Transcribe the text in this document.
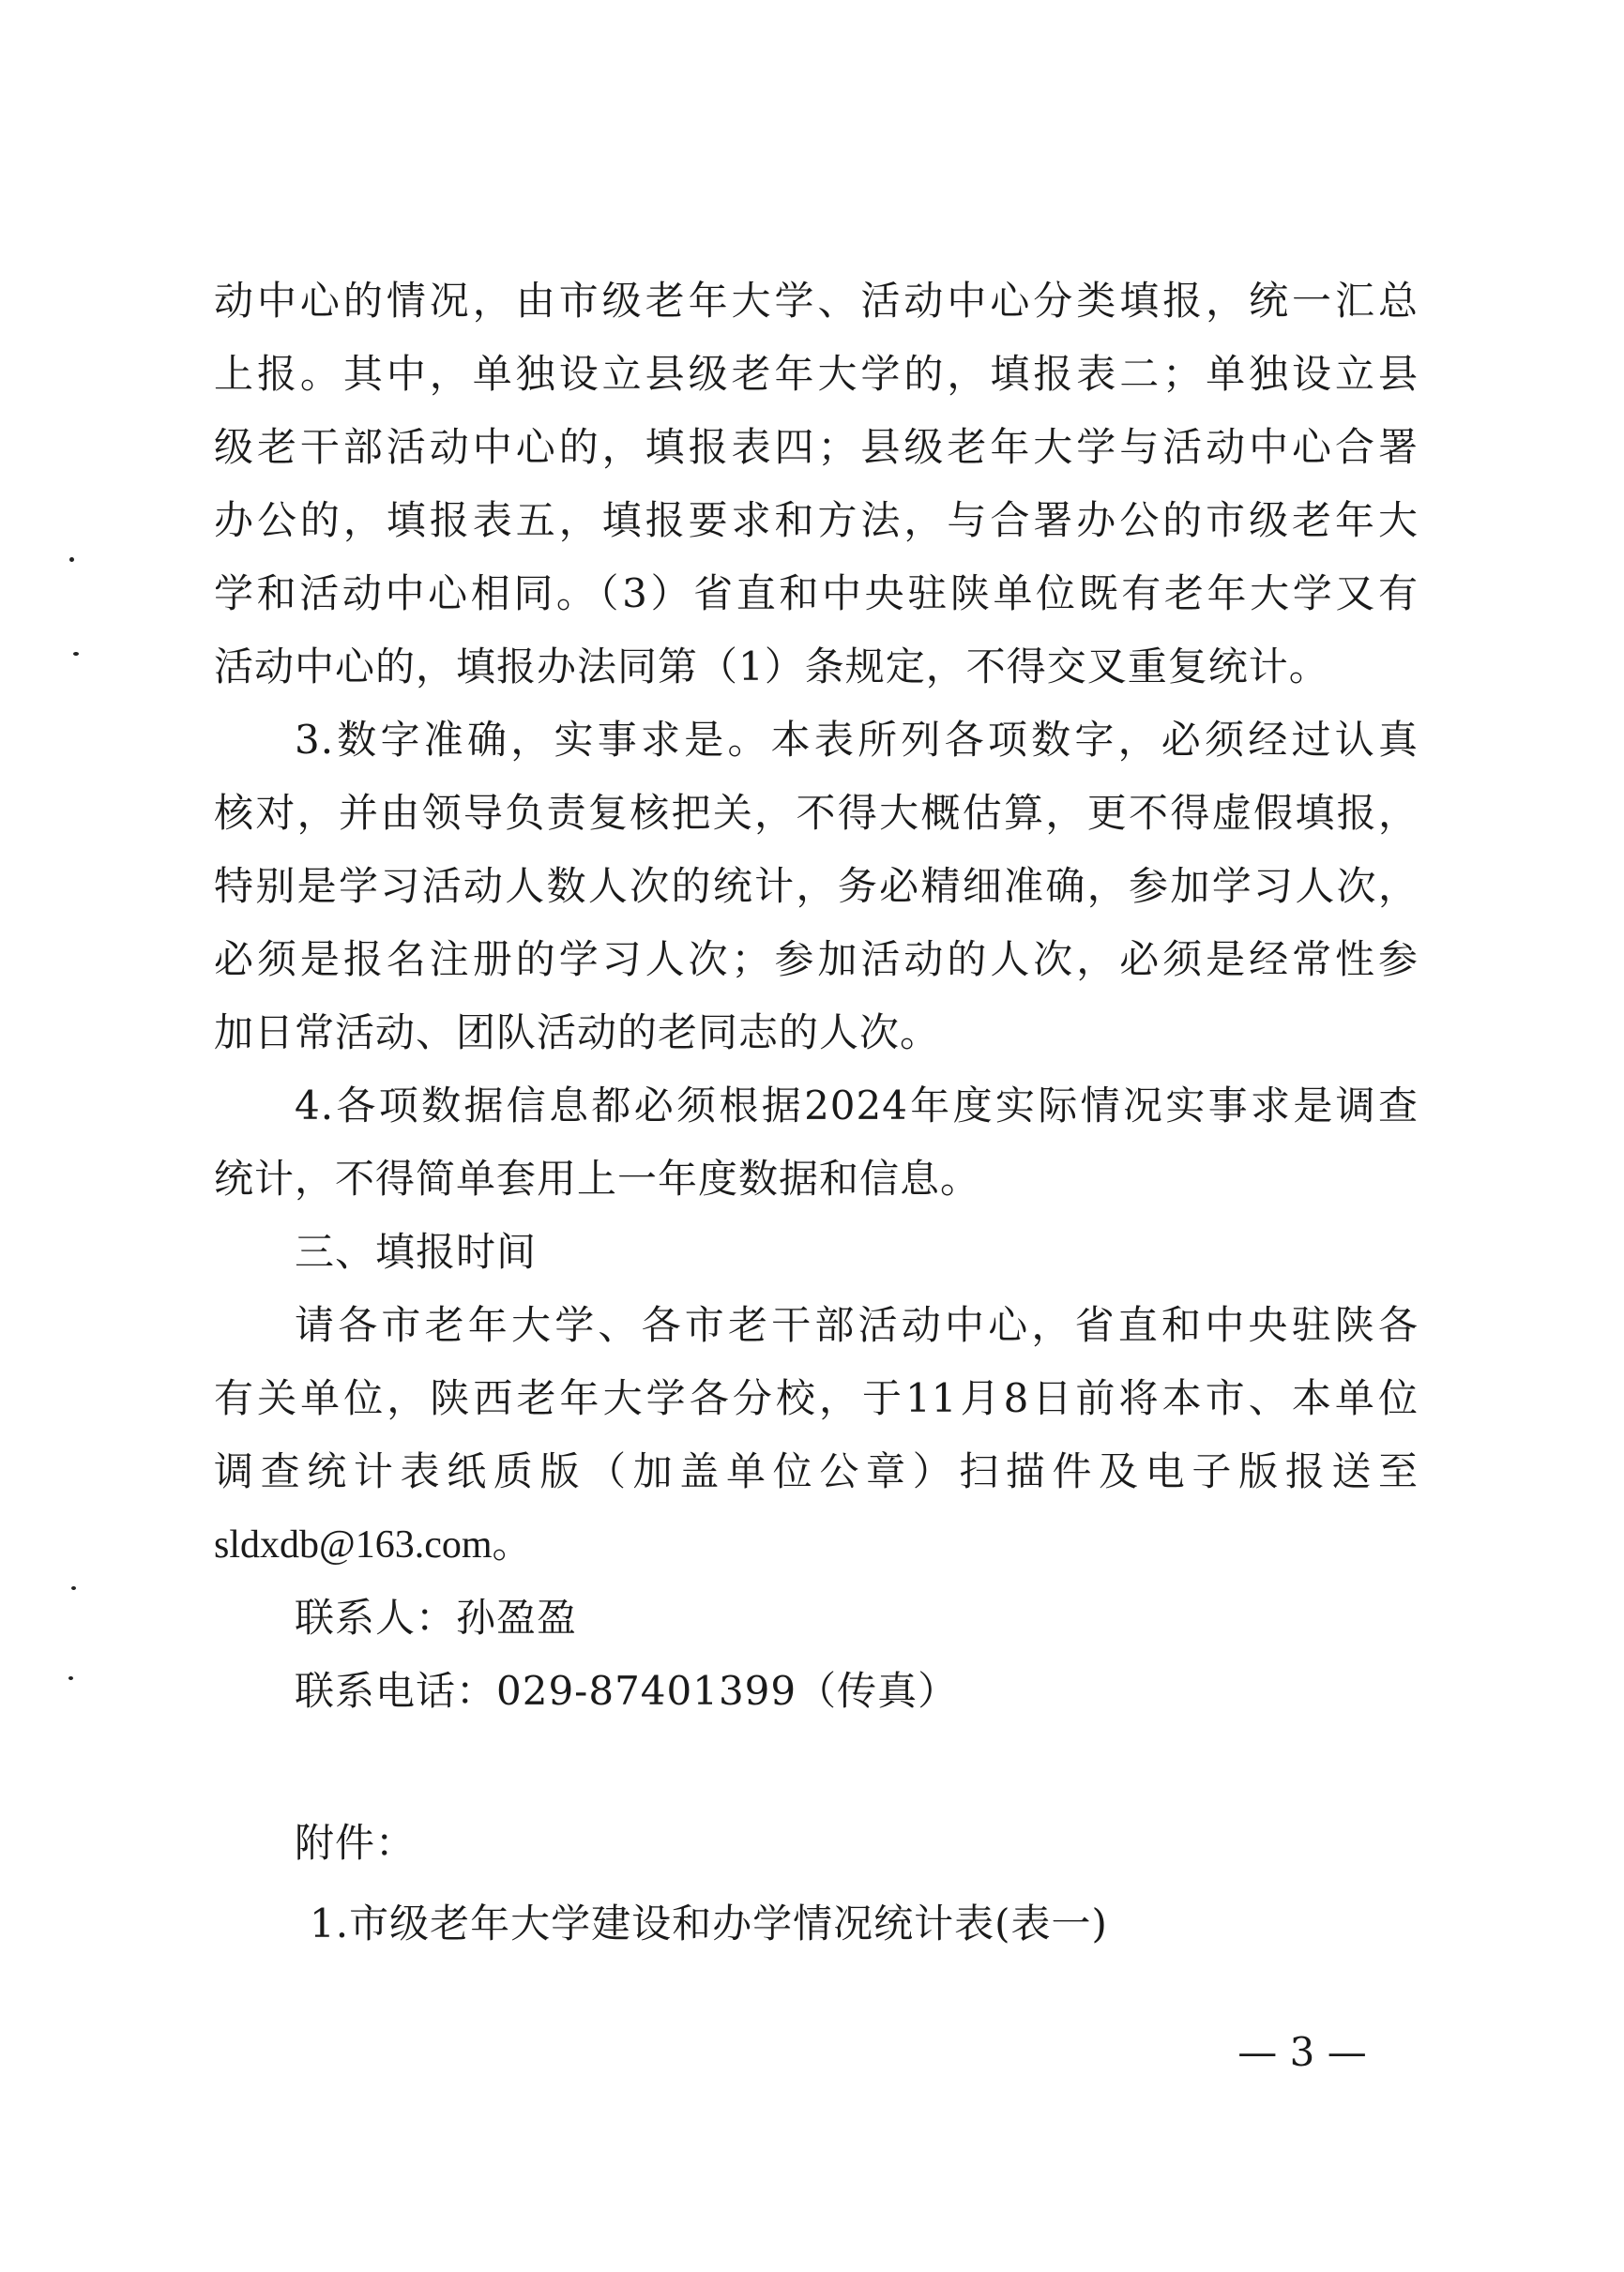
动中心的情况，由市级老年大学、活动中心分类填报，统一汇总
上报。其中，单独设立县级老年大学的，填报表二；单独设立县
级老干部活动中心的，填报表四；县级老年大学与活动中心合署
办公的，填报表五，填报要求和方法，与合署办公的市级老年大
学和活动中心相同。（3）省直和中央驻陕单位既有老年大学又有
活动中心的，填报办法同第（1）条规定，不得交叉重复统计。
3.数字准确，实事求是。本表所列各项数字，必须经过认真
核对，并由领导负责复核把关，不得大概估算，更不得虚假填报，
特别是学习活动人数人次的统计，务必精细准确，参加学习人次，
必须是报名注册的学习人次；参加活动的人次，必须是经常性参
加日常活动、团队活动的老同志的人次。
4.各项数据信息都必须根据2024年度实际情况实事求是调查
统计，不得简单套用上一年度数据和信息。
三、填报时间
请各市老年大学、各市老干部活动中心，省直和中央驻陕各
有关单位，陕西老年大学各分校，于11月8日前将本市、本单位
调查统计表纸质版（加盖单位公章）扫描件及电子版报送至
sldxdb@163.com。
联系人：孙盈盈
联系电话：029-87401399（传真）
附件：
1.市级老年大学建设和办学情况统计表(表一)
— 3 —
